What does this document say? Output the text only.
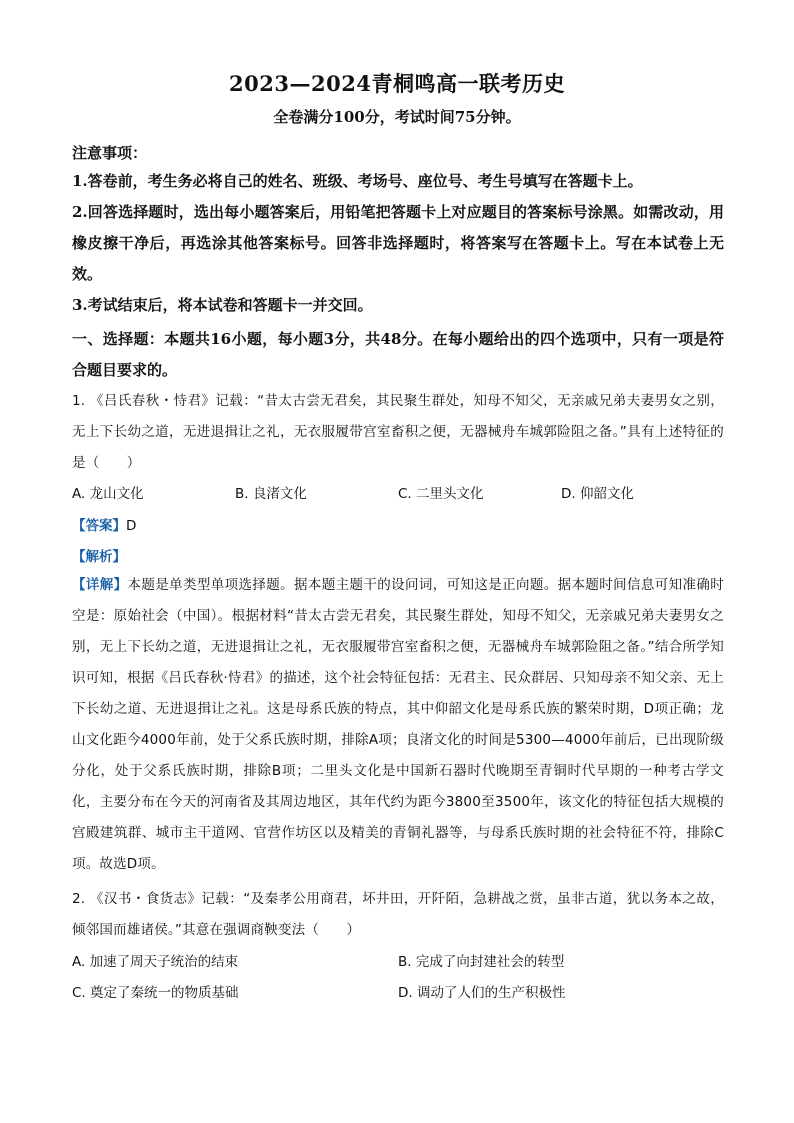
2023—2024青桐鸣高一联考历史
全卷满分100分，考试时间75分钟。

注意事项：

1.答卷前，考生务必将自己的姓名、班级、考场号、座位号、考生号填写在答题卡上。

2.回答选择题时，选出每小题答案后，用铅笔把答题卡上对应题目的答案标号涂黑。如需改动，用橡皮擦干净后，再选涂其他答案标号。回答非选择题时，将答案写在答题卡上。写在本试卷上无效。

3.考试结束后，将本试卷和答题卡一并交回。

一、选择题：本题共16小题，每小题3分，共48分。在每小题给出的四个选项中，只有一项是符合题目要求的。

1. 《吕氏春秋・恃君》记载：“昔太古尝无君矣，其民聚生群处，知母不知父，无亲戚兄弟夫妻男女之别，无上下长幼之道，无进退揖让之礼，无衣服履带宫室畜积之便，无器械舟车城郭险阻之备。”具有上述特征的是（　　）

A. 龙山文化	B. 良渚文化	C. 二里头文化	D. 仰韶文化
【答案】D
【解析】

【详解】本题是单类型单项选择题。据本题主题干的设问词，可知这是正向题。据本题时间信息可知准确时空是：原始社会（中国）。根据材料“昔太古尝无君矣，其民聚生群处，知母不知父，无亲戚兄弟夫妻男女之别，无上下长幼之道，无进退揖让之礼，无衣服履带宫室畜积之便，无器械舟车城郭险阻之备。”结合所学知识可知，根据《吕氏春秋·恃君》的描述，这个社会特征包括：无君主、民众群居、只知母亲不知父亲、无上下长幼之道、无进退揖让之礼。这是母系氏族的特点，其中仰韶文化是母系氏族的繁荣时期，D项正确；龙山文化距今4000年前，处于父系氏族时期，排除A项；良渚文化的时间是5300—4000年前后，已出现阶级分化，处于父系氏族时期，排除B项；二里头文化是中国新石器时代晚期至青铜时代早期的一种考古学文化，主要分布在今天的河南省及其周边地区，其年代约为距今3800至3500年，该文化的特征包括大规模的宫殿建筑群、城市主干道网、官营作坊区以及精美的青铜礼器等，与母系氏族时期的社会特征不符，排除C项。故选D项。

2. 《汉书・食货志》记载：“及秦孝公用商君，坏井田，开阡陌，急耕战之赏，虽非古道，犹以务本之故，倾邻国而雄诸侯。”其意在强调商鞅变法（　　）

A. 加速了周天子统治的结束	B. 完成了向封建社会的转型
C. 奠定了秦统一的物质基础	D. 调动了人们的生产积极性
